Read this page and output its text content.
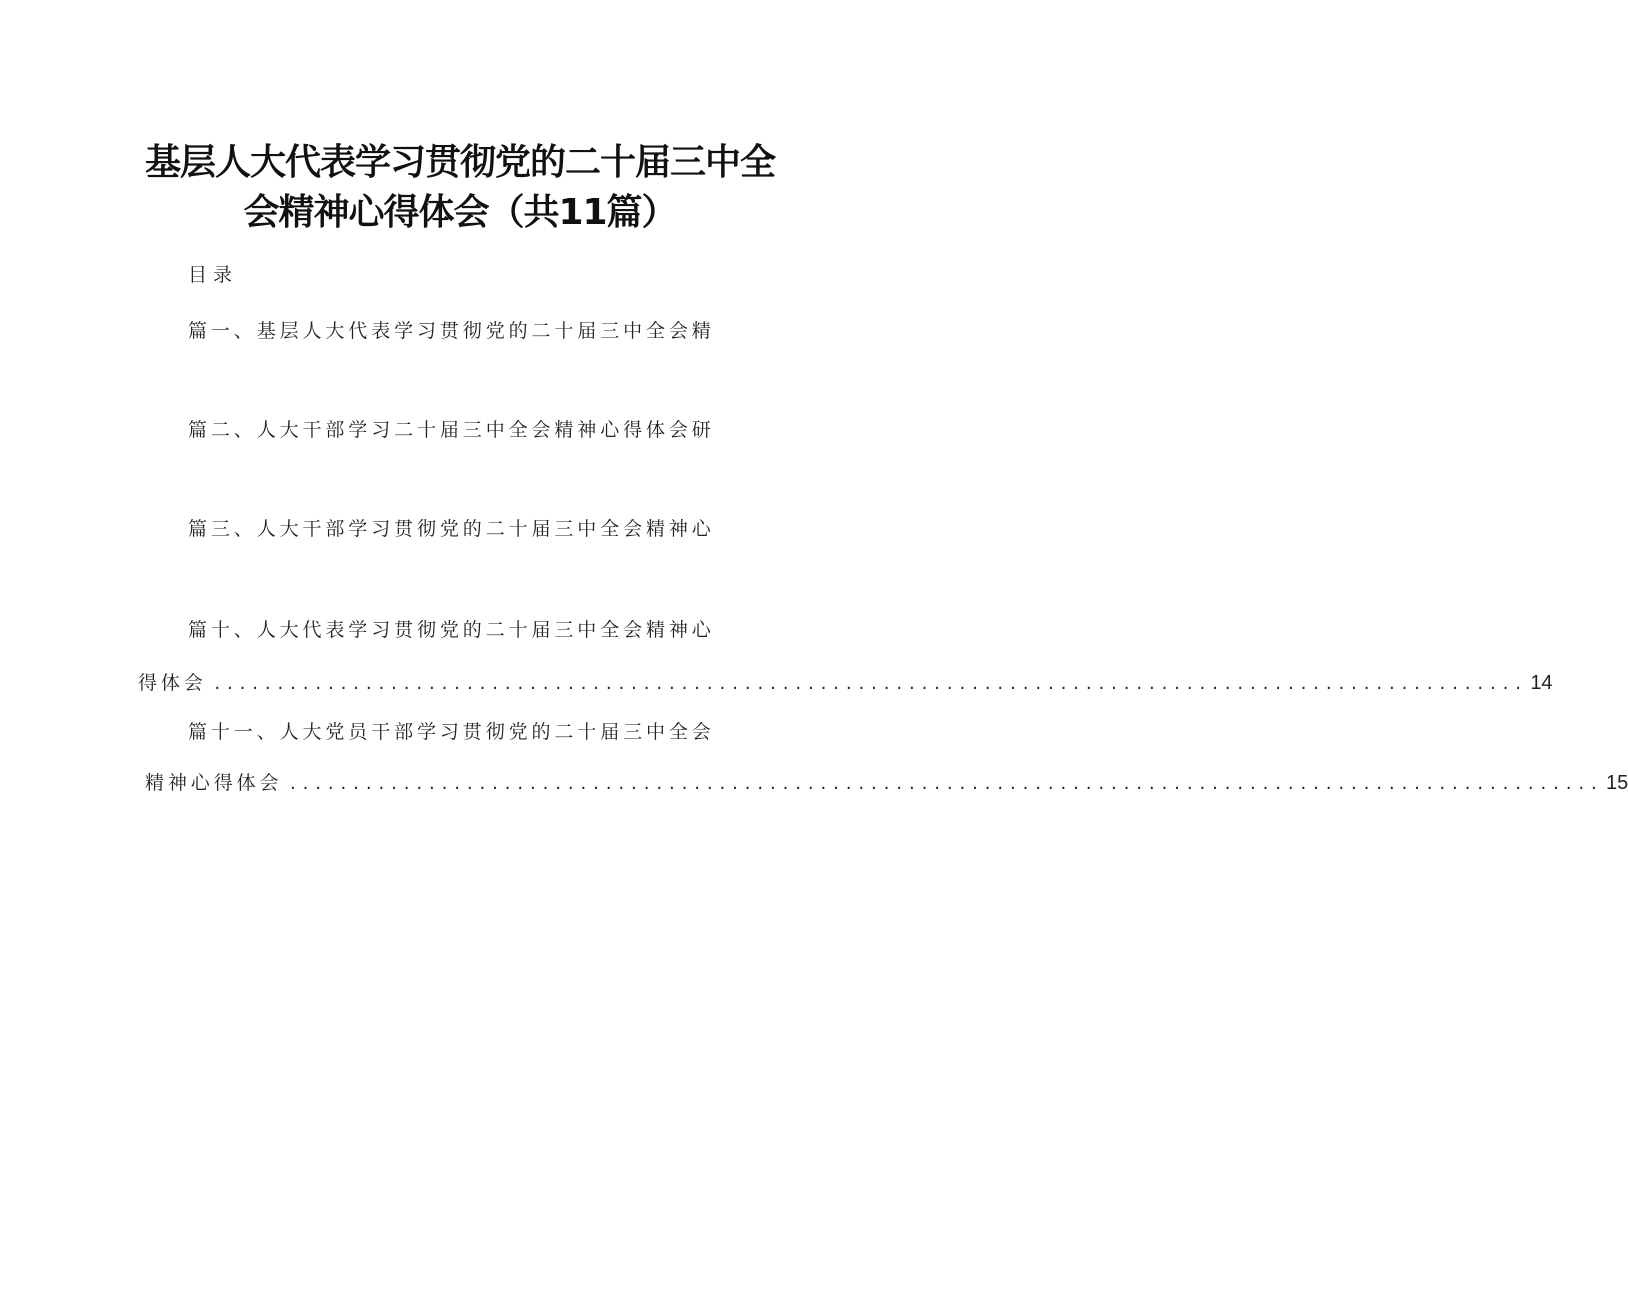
基层人大代表学习贯彻党的二十届三中全
会精神心得体会（共11篇）
目录
篇一、基层人大代表学习贯彻党的二十届三中全会精
篇二、人大干部学习二十届三中全会精神心得体会研
篇三、人大干部学习贯彻党的二十届三中全会精神心
篇十、人大代表学习贯彻党的二十届三中全会精神心
得体会 ........................................................................................................ 14
篇十一、人大党员干部学习贯彻党的二十届三中全会
精神心得体会 ........................................................................................................ 15
